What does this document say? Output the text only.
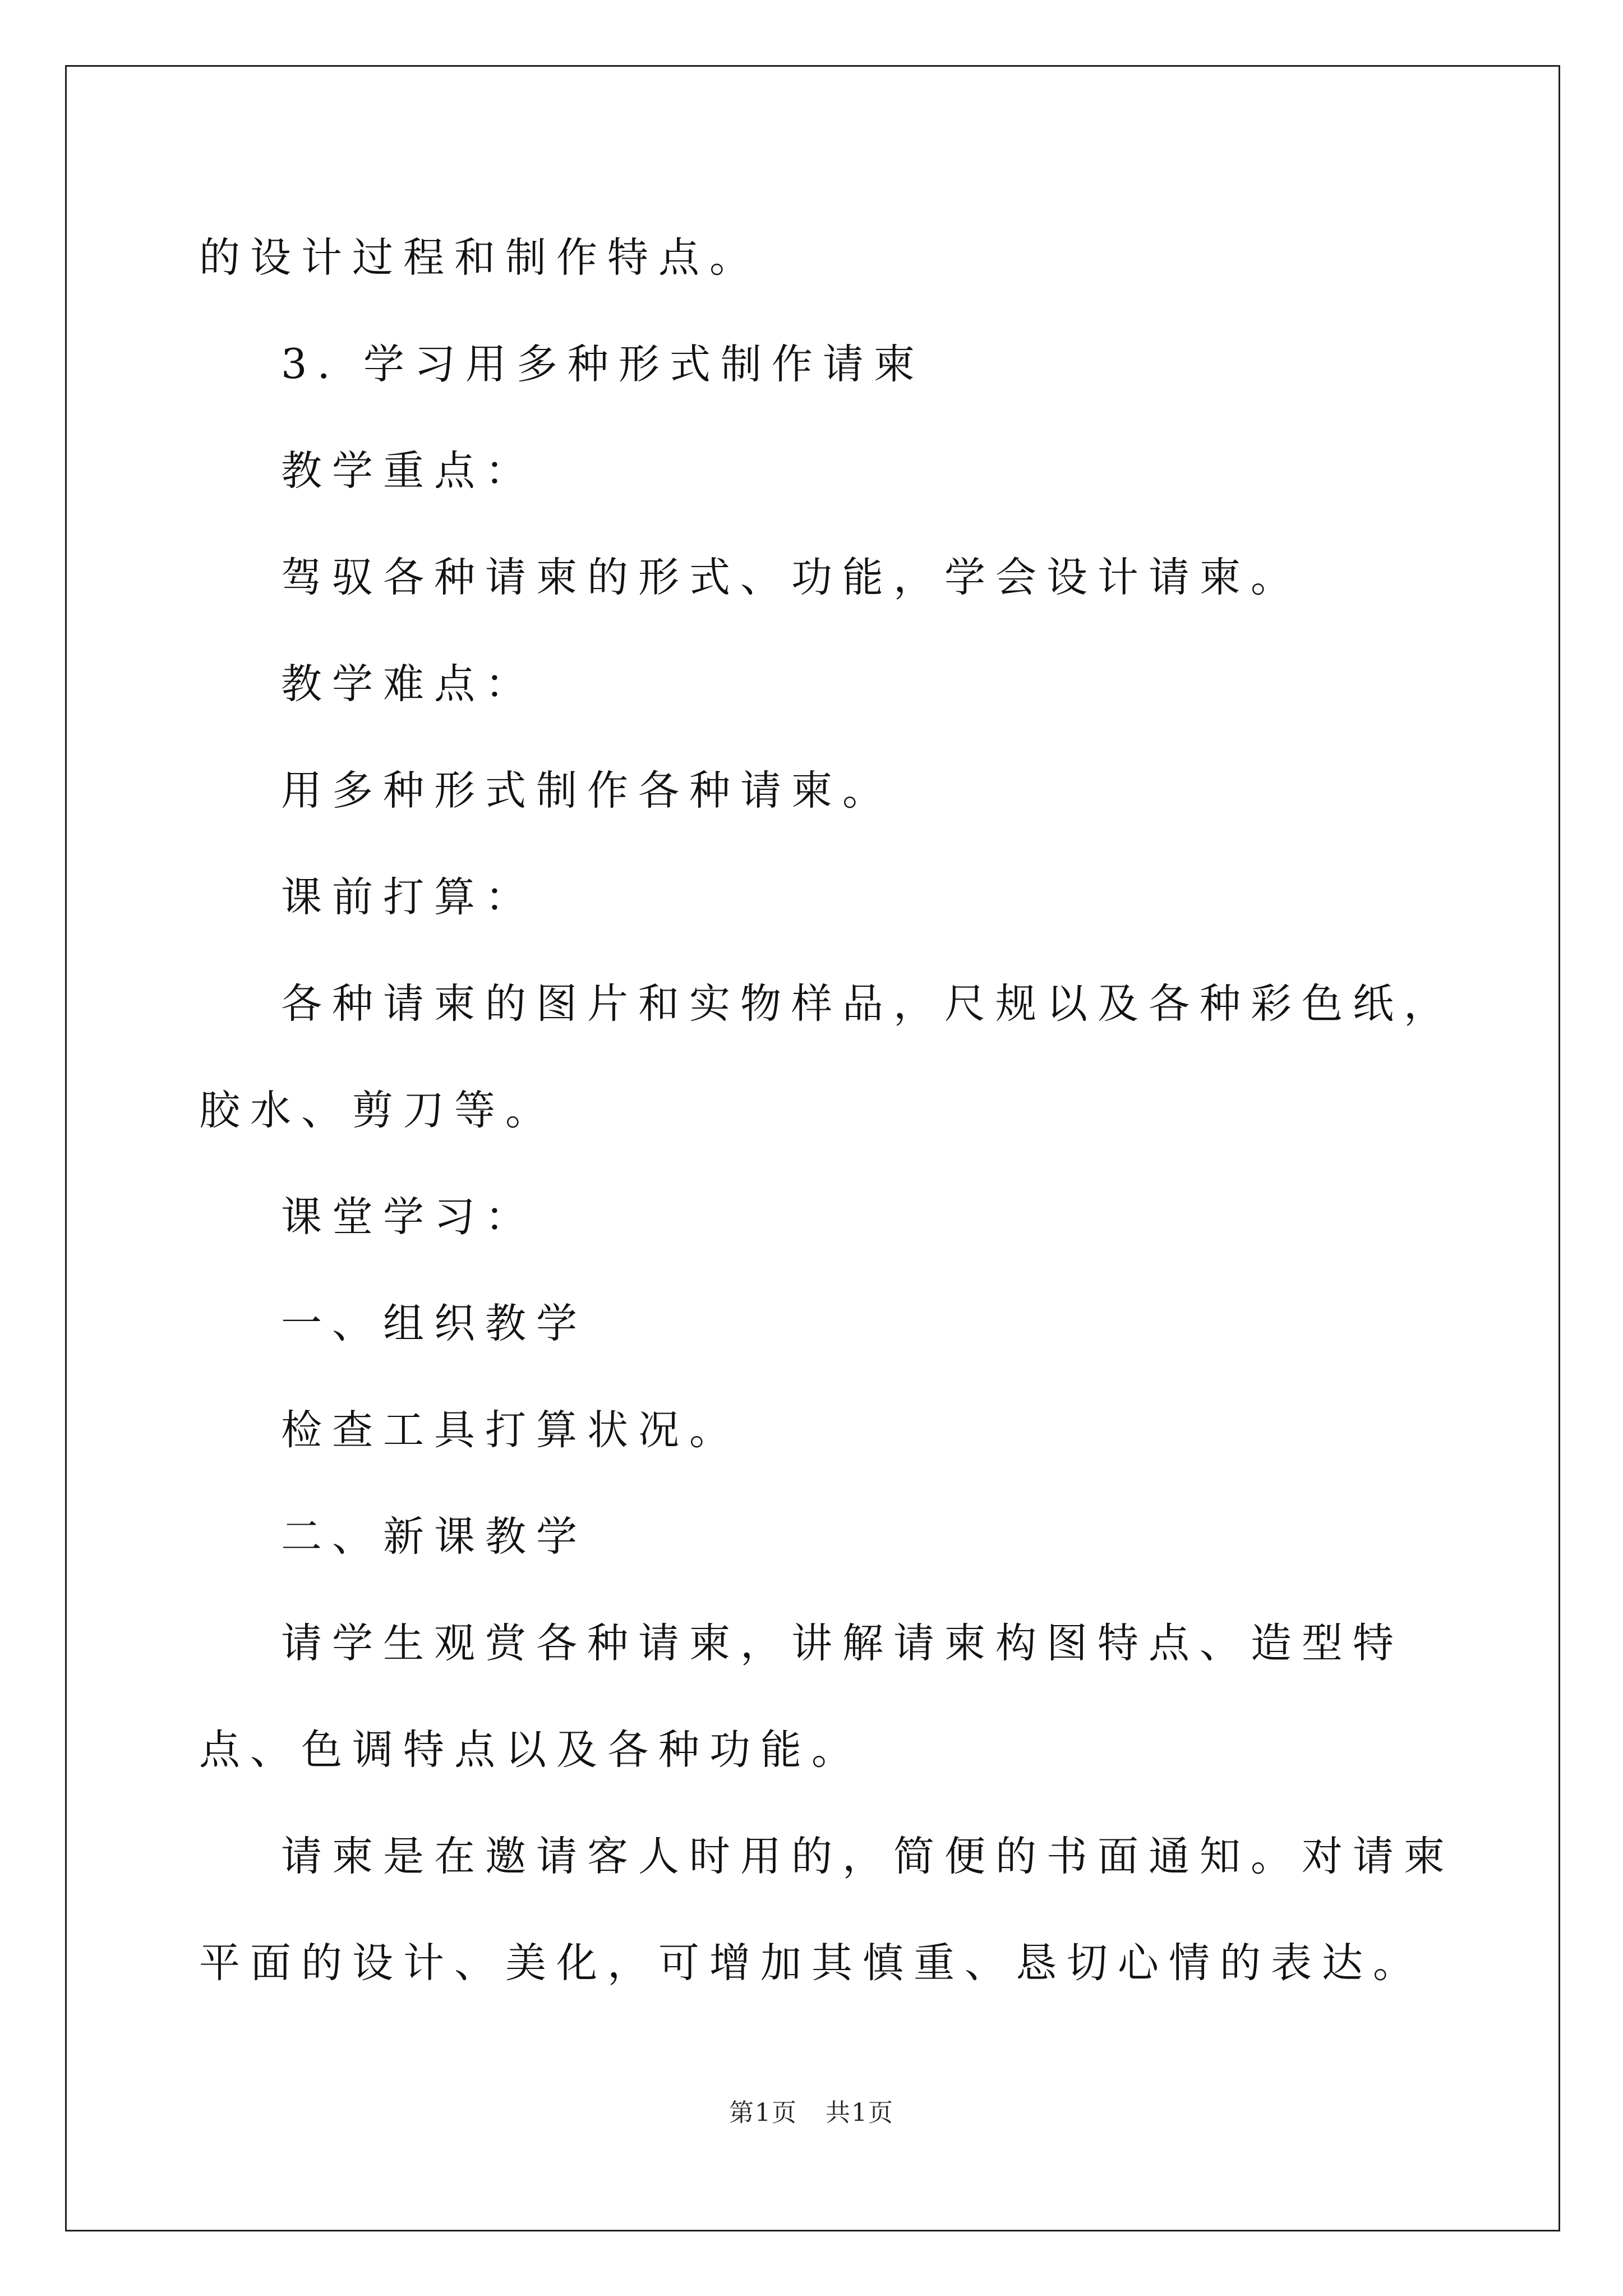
的设计过程和制作特点。

3. 学习用多种形式制作请柬

教学重点：

驾驭各种请柬的形式、功能，学会设计请柬。

教学难点：

用多种形式制作各种请柬。

课前打算：

各种请柬的图片和实物样品，尺规以及各种彩色纸，胶水、剪刀等。

课堂学习：

一、组织教学

检查工具打算状况。

二、新课教学

请学生观赏各种请柬，讲解请柬构图特点、造型特点、色调特点以及各种功能。

请柬是在邀请客人时用的，简便的书面通知。对请柬平面的设计、美化，可增加其慎重、恳切心情的表达。

第1页 共1页
